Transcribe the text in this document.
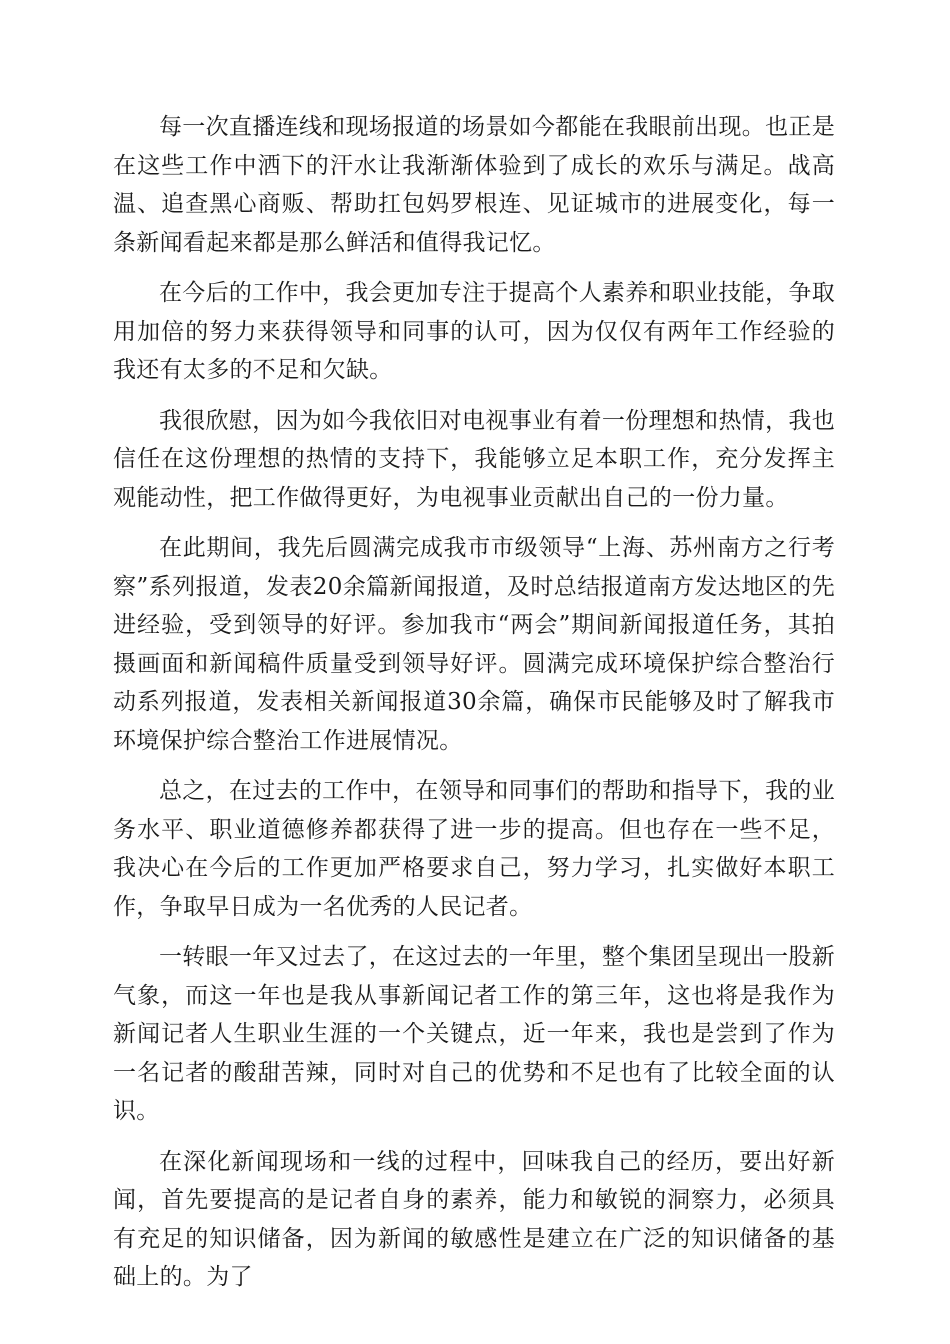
每一次直播连线和现场报道的场景如今都能在我眼前出现。也正是在这些工作中洒下的汗水让我渐渐体验到了成长的欢乐与满足。战高温、追查黑心商贩、帮助扛包妈罗根连、见证城市的进展变化，每一条新闻看起来都是那么鲜活和值得我记忆。

在今后的工作中，我会更加专注于提高个人素养和职业技能，争取用加倍的努力来获得领导和同事的认可，因为仅仅有两年工作经验的我还有太多的不足和欠缺。

我很欣慰，因为如今我依旧对电视事业有着一份理想和热情，我也信任在这份理想的热情的支持下，我能够立足本职工作，充分发挥主观能动性，把工作做得更好，为电视事业贡献出自己的一份力量。

在此期间，我先后圆满完成我市市级领导“上海、苏州南方之行考察”系列报道，发表20余篇新闻报道，及时总结报道南方发达地区的先进经验，受到领导的好评。参加我市“两会”期间新闻报道任务，其拍摄画面和新闻稿件质量受到领导好评。圆满完成环境保护综合整治行动系列报道，发表相关新闻报道30余篇，确保市民能够及时了解我市环境保护综合整治工作进展情况。

总之，在过去的工作中，在领导和同事们的帮助和指导下，我的业务水平、职业道德修养都获得了进一步的提高。但也存在一些不足，我决心在今后的工作更加严格要求自己，努力学习，扎实做好本职工作，争取早日成为一名优秀的人民记者。

一转眼一年又过去了，在这过去的一年里，整个集团呈现出一股新气象，而这一年也是我从事新闻记者工作的第三年，这也将是我作为新闻记者人生职业生涯的一个关键点，近一年来，我也是尝到了作为一名记者的酸甜苦辣，同时对自己的优势和不足也有了比较全面的认识。

在深化新闻现场和一线的过程中，回味我自己的经历，要出好新闻，首先要提高的是记者自身的素养，能力和敏锐的洞察力，必须具有充足的知识储备，因为新闻的敏感性是建立在广泛的知识储备的基础上的。为了
